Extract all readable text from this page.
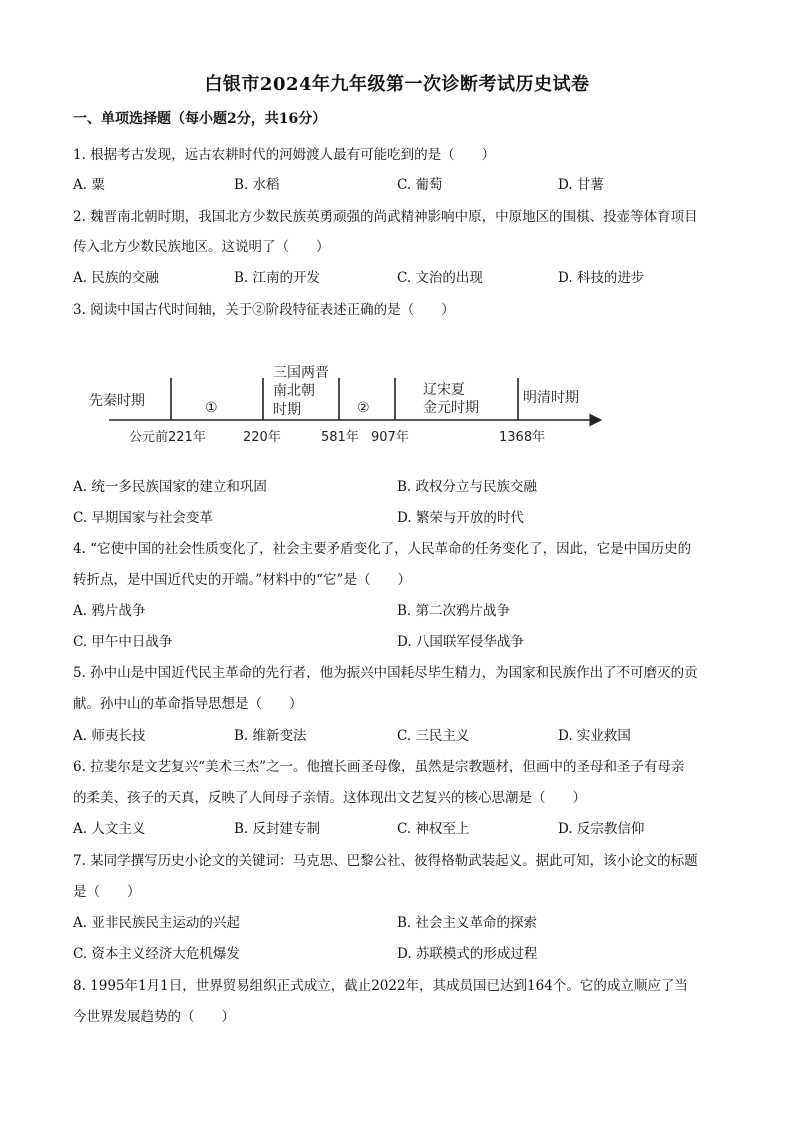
白银市2024年九年级第一次诊断考试历史试卷
一、单项选择题（每小题2分，共16分）
1. 根据考古发现，远古农耕时代的河姆渡人最有可能吃到的是（　　）
A. 粟	B. 水稻	C. 葡萄	D. 甘薯
2. 魏晋南北朝时期，我国北方少数民族英勇顽强的尚武精神影响中原，中原地区的围棋、投壶等体育项目
传入北方少数民族地区。这说明了（　　）
A. 民族的交融	B. 江南的开发	C. 文治的出现	D. 科技的进步
3. 阅读中国古代时间轴，关于②阶段特征表述正确的是（　　）
先秦时期	①
三国两晋
南北朝
时期	②
辽宋夏
金元时期
明清时期
公元前221年	220年	581年 907年	1368年
A. 统一多民族国家的建立和巩固	B. 政权分立与民族交融
C. 早期国家与社会变革	D. 繁荣与开放的时代
4. “它使中国的社会性质变化了，社会主要矛盾变化了，人民革命的任务变化了，因此，它是中国历史的
转折点，是中国近代史的开端。”材料中的“它”是（　　）
A. 鸦片战争	B. 第二次鸦片战争
C. 甲午中日战争	D. 八国联军侵华战争
5. 孙中山是中国近代民主革命的先行者，他为振兴中国耗尽毕生精力，为国家和民族作出了不可磨灭的贡
献。孙中山的革命指导思想是（　　）
A. 师夷长技	B. 维新变法	C. 三民主义	D. 实业救国
6. 拉斐尔是文艺复兴“美术三杰”之一。他擅长画圣母像，虽然是宗教题材，但画中的圣母和圣子有母亲
的柔美、孩子的天真，反映了人间母子亲情。这体现出文艺复兴的核心思潮是（　　）
A. 人文主义	B. 反封建专制	C. 神权至上	D. 反宗教信仰
7. 某同学撰写历史小论文的关键词：马克思、巴黎公社、彼得格勒武装起义。据此可知，该小论文的标题
是（　　）
A. 亚非民族民主运动的兴起	B. 社会主义革命的探索
C. 资本主义经济大危机爆发	D. 苏联模式的形成过程
8. 1995年1月1日，世界贸易组织正式成立，截止2022年，其成员国已达到164个。它的成立顺应了当
今世界发展趋势的（　　）
